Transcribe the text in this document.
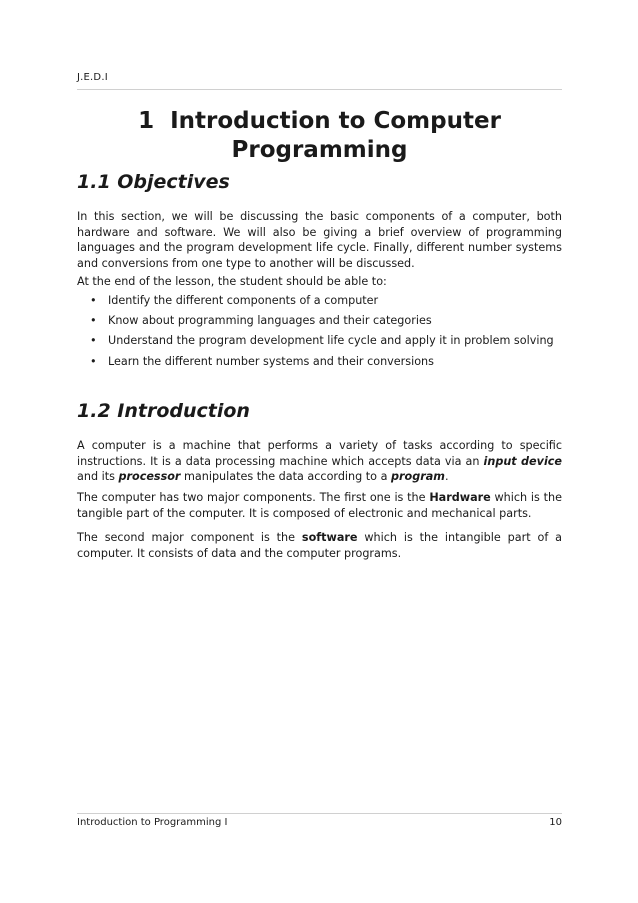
J.E.D.I
1  Introduction to Computer
Programming
1.1 Objectives

In this section, we will be discussing the basic components of a computer, both hardware and software. We will also be giving a brief overview of programming languages and the program development life cycle. Finally, different number systems and conversions from one type to another will be discussed.

At the end of the lesson, the student should be able to:

• Identify the different components of a computer
• Know about programming languages and their categories
• Understand the program development life cycle and apply it in problem solving
• Learn the different number systems and their conversions
1.2 Introduction

A computer is a machine that performs a variety of tasks according to specific instructions. It is a data processing machine which accepts data via an input device and its processor manipulates the data according to a program.

The computer has two major components. The first one is the Hardware which is the tangible part of the computer. It is composed of electronic and mechanical parts.

The second major component is the software which is the intangible part of a computer. It consists of data and the computer programs.

Introduction to Programming I	10
